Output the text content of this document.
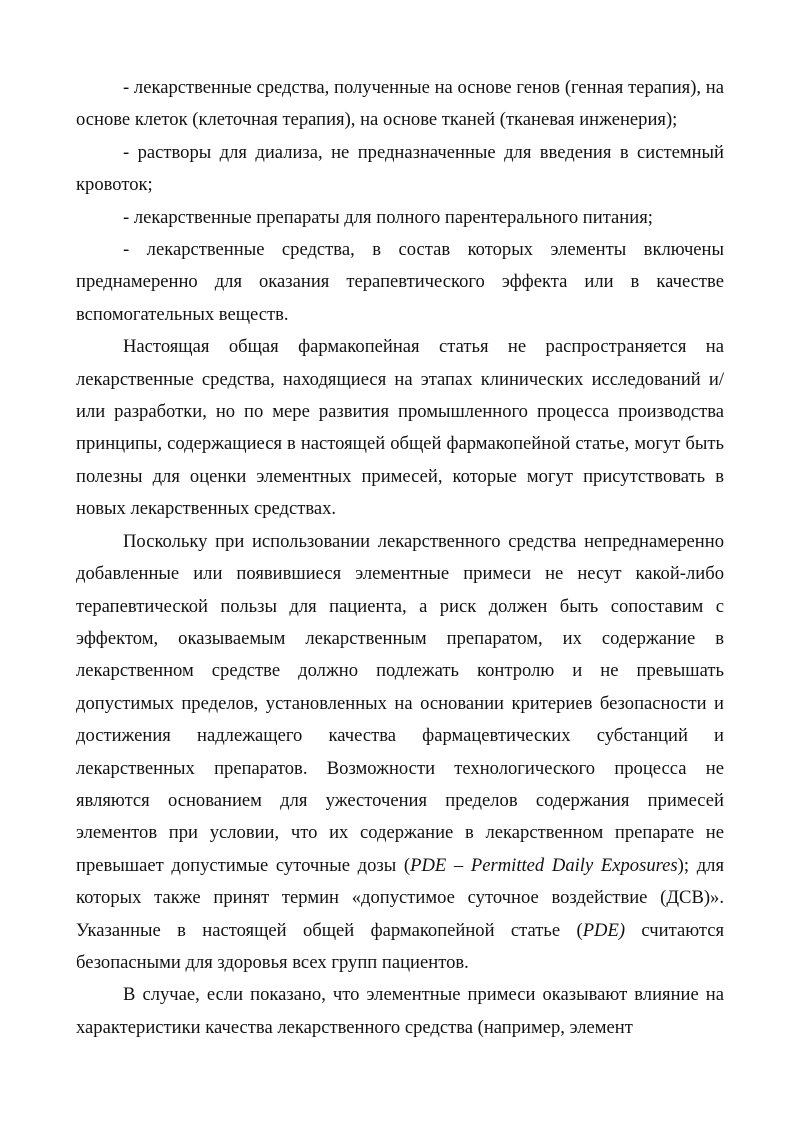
- лекарственные средства, полученные на основе генов (генная терапия), на основе клеток (клеточная терапия), на основе тканей (тканевая инженерия);

- растворы для диализа, не предназначенные для введения в системный кровоток;

- лекарственные препараты для полного парентерального питания;

- лекарственные средства, в состав которых элементы включены преднамеренно для оказания терапевтического эффекта или в качестве вспомогательных веществ.

Настоящая общая фармакопейная статья не распространяется на лекарственные средства, находящиеся на этапах клинических исследований и/или разработки, но по мере развития промышленного процесса производства принципы, содержащиеся в настоящей общей фармакопейной статье, могут быть полезны для оценки элементных примесей, которые могут присутствовать в новых лекарственных средствах.

Поскольку при использовании лекарственного средства непреднамеренно добавленные или появившиеся элементные примеси не несут какой-либо терапевтической пользы для пациента, а риск должен быть сопоставим с эффектом, оказываемым лекарственным препаратом, их содержание в лекарственном средстве должно подлежать контролю и не превышать допустимых пределов, установленных на основании критериев безопасности и достижения надлежащего качества фармацевтических субстанций и лекарственных препаратов. Возможности технологического процесса не являются основанием для ужесточения пределов содержания примесей элементов при условии, что их содержание в лекарственном препарате не превышает допустимые суточные дозы (PDE – Permitted Daily Exposures); для которых также принят термин «допустимое суточное воздействие (ДСВ)». Указанные в настоящей общей фармакопейной статье (PDE) считаются безопасными для здоровья всех групп пациентов.

В случае, если показано, что элементные примеси оказывают влияние на характеристики качества лекарственного средства (например, элемент
